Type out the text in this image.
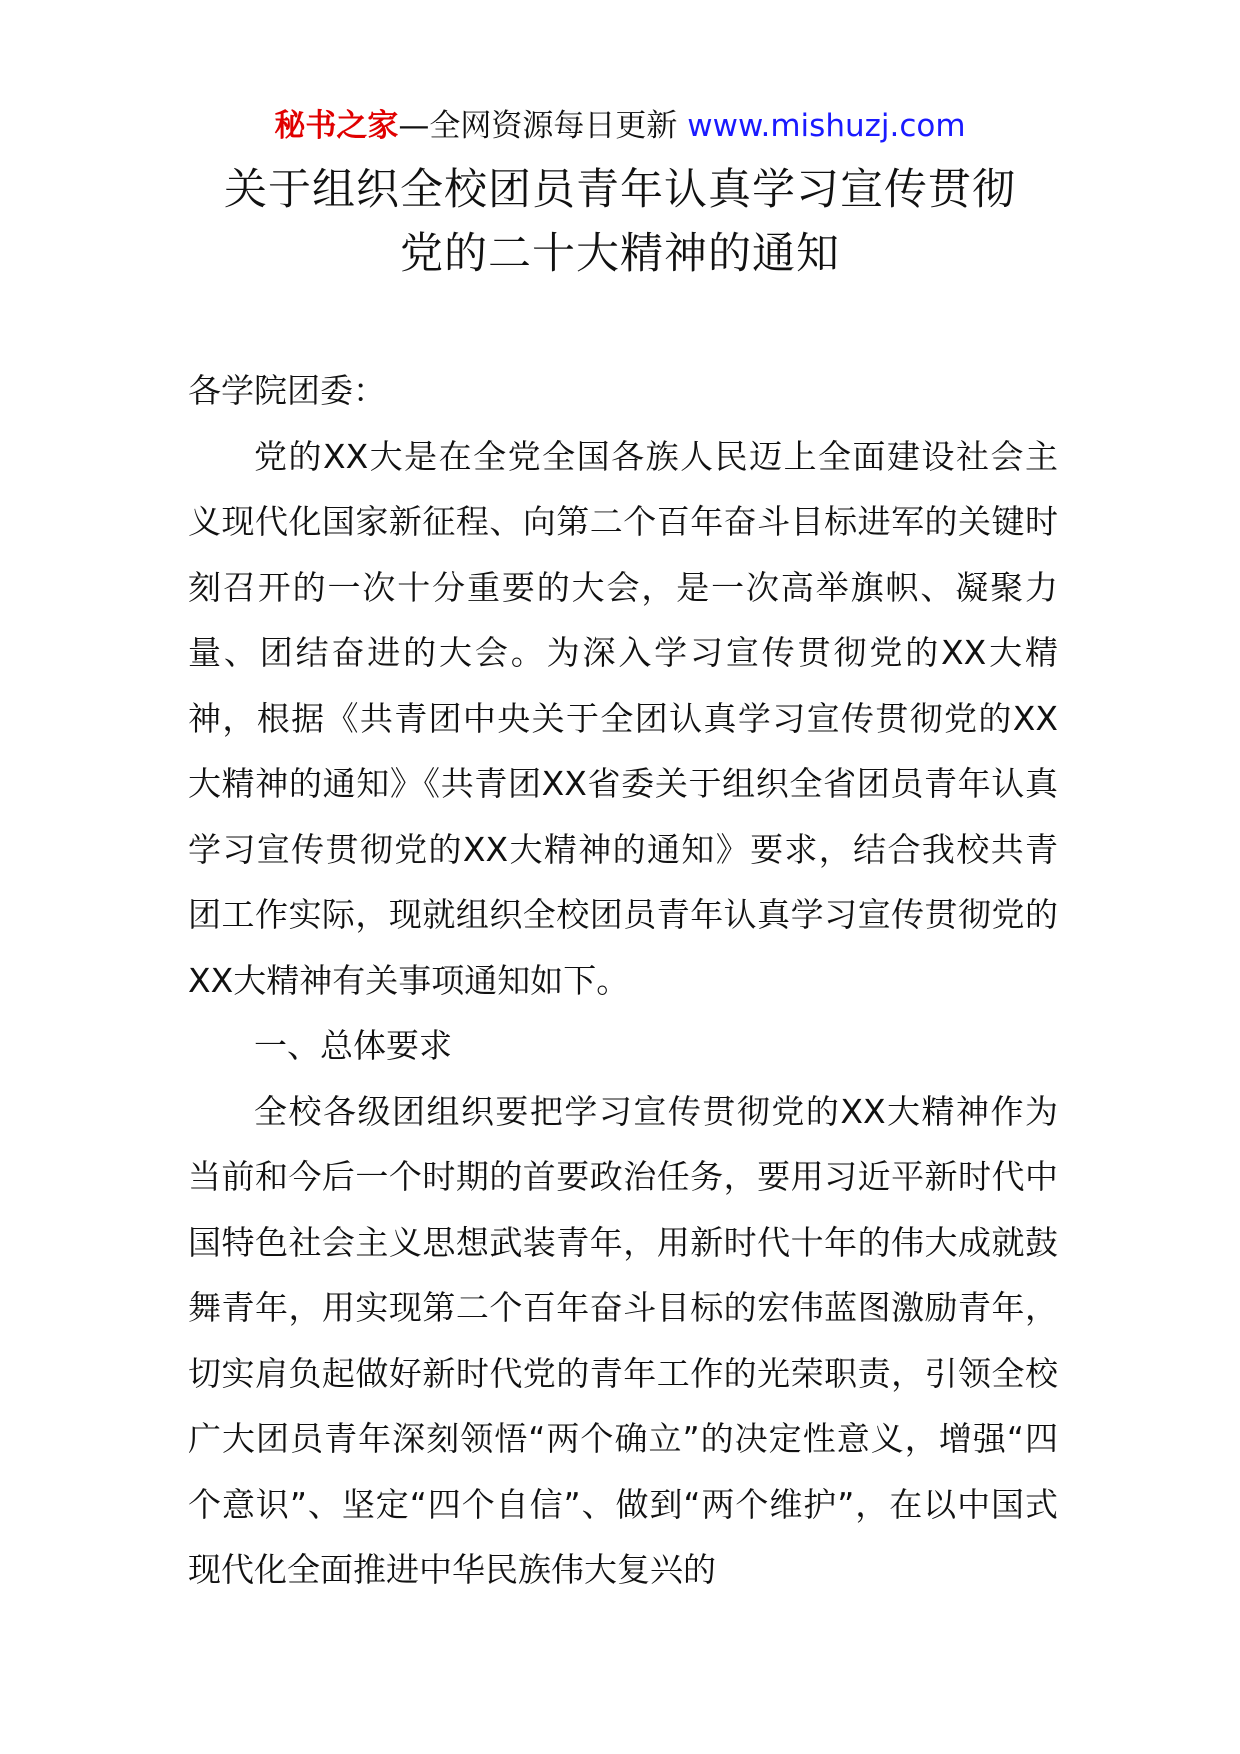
秘书之家—全网资源每日更新 www.mishuzj.com
关于组织全校团员青年认真学习宣传贯彻
党的二十大精神的通知

各学院团委：

党的XX大是在全党全国各族人民迈上全面建设社会主义现代化国家新征程、向第二个百年奋斗目标进军的关键时刻召开的一次十分重要的大会，是一次高举旗帜、凝聚力量、团结奋进的大会。为深入学习宣传贯彻党的XX大精神，根据《共青团中央关于全团认真学习宣传贯彻党的XX大精神的通知》《共青团XX省委关于组织全省团员青年认真学习宣传贯彻党的XX大精神的通知》要求，结合我校共青团工作实际，现就组织全校团员青年认真学习宣传贯彻党的XX大精神有关事项通知如下。

一、总体要求

全校各级团组织要把学习宣传贯彻党的XX大精神作为当前和今后一个时期的首要政治任务，要用习近平新时代中国特色社会主义思想武装青年，用新时代十年的伟大成就鼓舞青年，用实现第二个百年奋斗目标的宏伟蓝图激励青年，切实肩负起做好新时代党的青年工作的光荣职责，引领全校广大团员青年深刻领悟“两个确立”的决定性意义，增强“四个意识”、坚定“四个自信”、做到“两个维护”，在以中国式现代化全面推进中华民族伟大复兴的
